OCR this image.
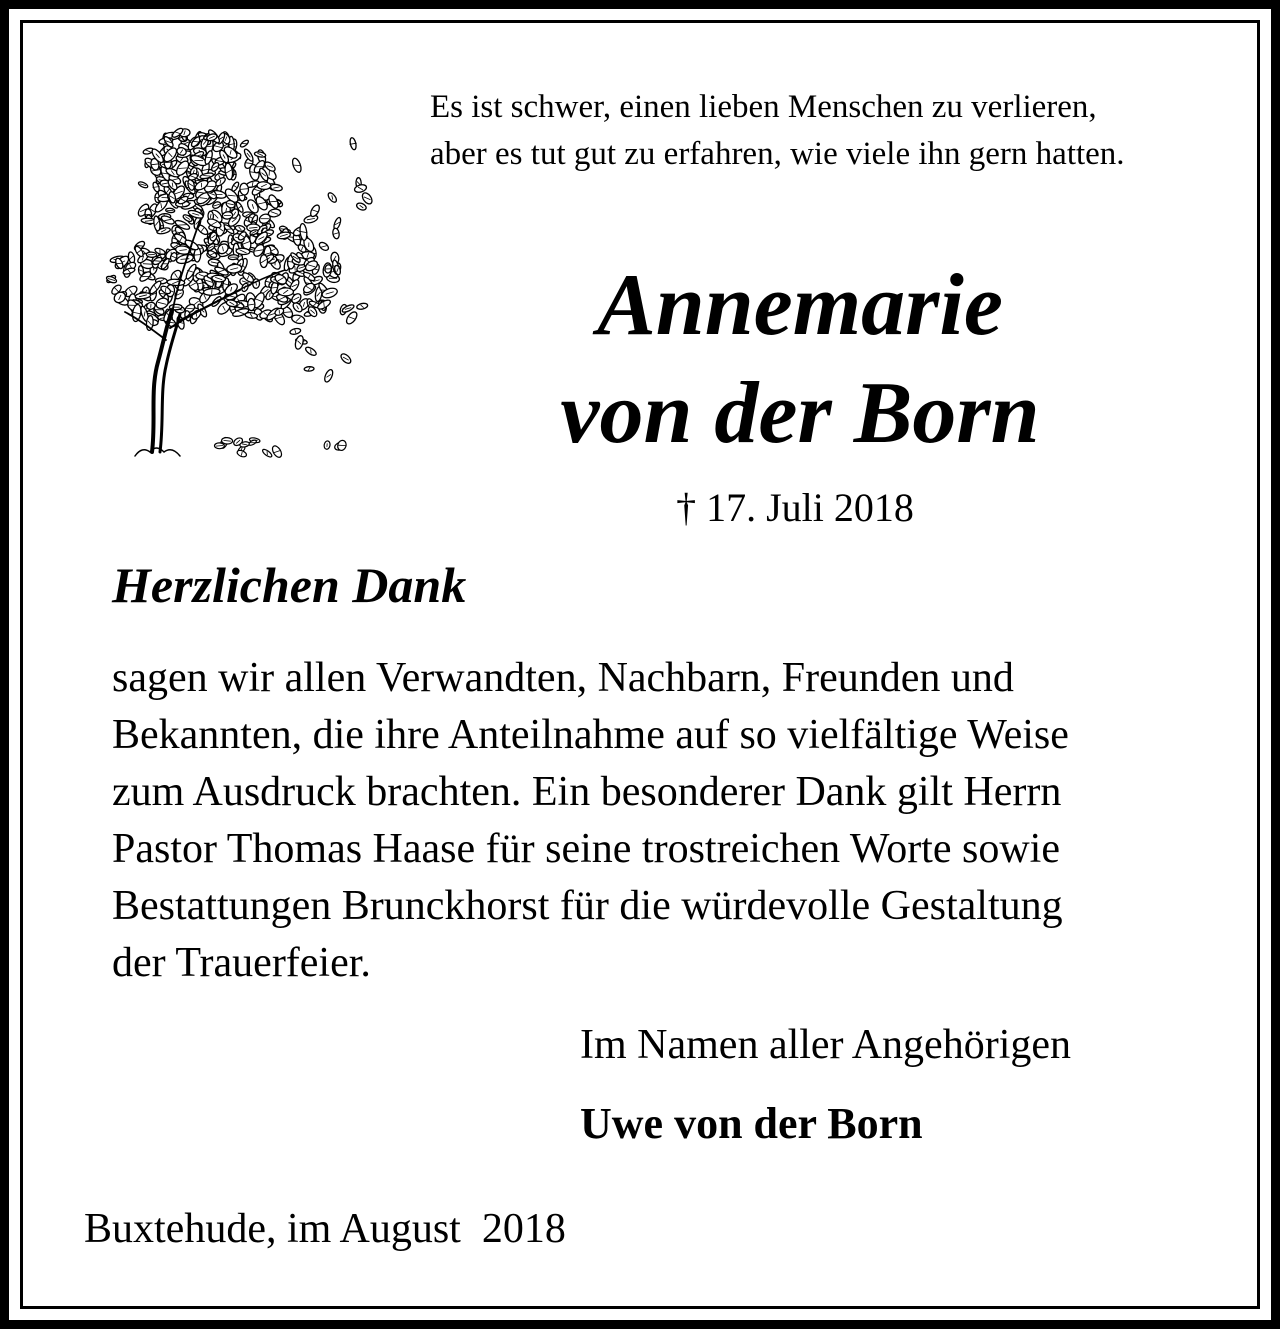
Es ist schwer, einen lieben Menschen zu verlieren,
aber es tut gut zu erfahren, wie viele ihn gern hatten.
Annemarie
von der Born
† 17. Juli 2018
Herzlichen Dank
sagen wir allen Verwandten, Nachbarn, Freunden und
Bekannten, die ihre Anteilnahme auf so vielfältige Weise
zum Ausdruck brachten. Ein besonderer Dank gilt Herrn
Pastor Thomas Haase für seine trostreichen Worte sowie
Bestattungen Brunckhorst für die würdevolle Gestaltung
der Trauerfeier.
Im Namen aller Angehörigen
Uwe von der Born
Buxtehude, im August  2018
